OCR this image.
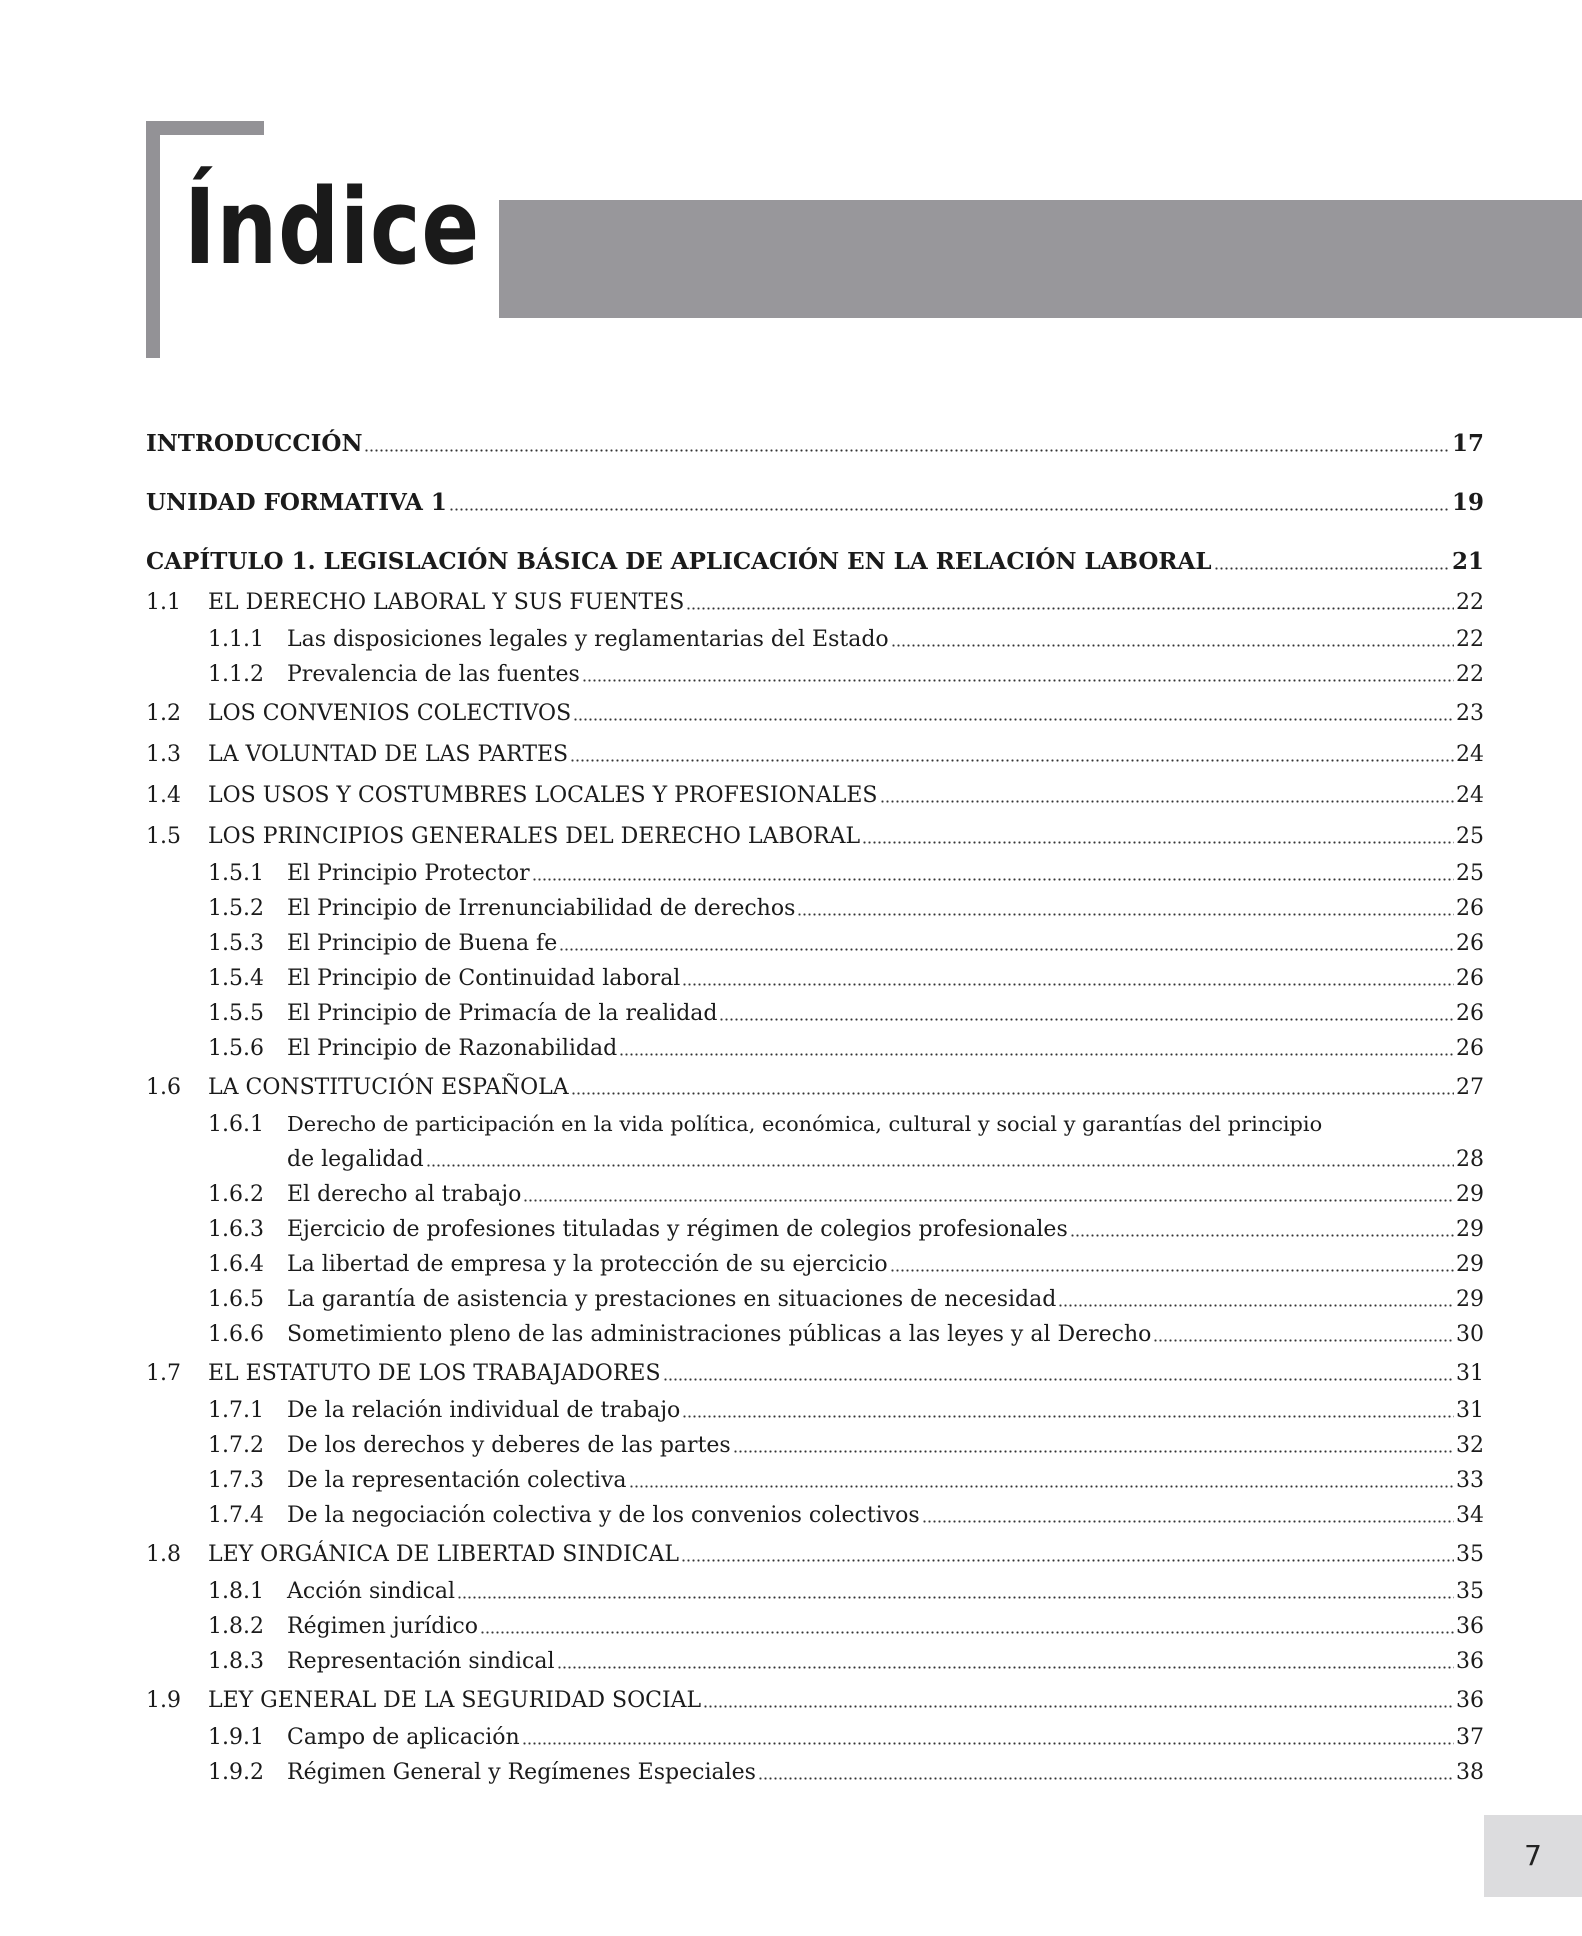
Índice
INTRODUCCIÓN	17
UNIDAD FORMATIVA 1	19
CAPÍTULO 1. LEGISLACIÓN BÁSICA DE APLICACIÓN EN LA RELACIÓN LABORAL	21
1.1	EL DERECHO LABORAL Y SUS FUENTES	22
1.1.1	Las disposiciones legales y reglamentarias del Estado	22
1.1.2	Prevalencia de las fuentes	22
1.2	LOS CONVENIOS COLECTIVOS	23
1.3	LA VOLUNTAD DE LAS PARTES	24
1.4	LOS USOS Y COSTUMBRES LOCALES Y PROFESIONALES	24
1.5	LOS PRINCIPIOS GENERALES DEL DERECHO LABORAL	25
1.5.1	El Principio Protector	25
1.5.2	El Principio de Irrenunciabilidad de derechos	26
1.5.3	El Principio de Buena fe	26
1.5.4	El Principio de Continuidad laboral	26
1.5.5	El Principio de Primacía de la realidad	26
1.5.6	El Principio de Razonabilidad	26
1.6	LA CONSTITUCIÓN ESPAÑOLA	27
1.6.1	Derecho de participación en la vida política, económica, cultural y social y garantías del principio
de legalidad	28
1.6.2	El derecho al trabajo	29
1.6.3	Ejercicio de profesiones tituladas y régimen de colegios profesionales	29
1.6.4	La libertad de empresa y la protección de su ejercicio	29
1.6.5	La garantía de asistencia y prestaciones en situaciones de necesidad	29
1.6.6	Sometimiento pleno de las administraciones públicas a las leyes y al Derecho	30
1.7	EL ESTATUTO DE LOS TRABAJADORES	31
1.7.1	De la relación individual de trabajo	31
1.7.2	De los derechos y deberes de las partes	32
1.7.3	De la representación colectiva	33
1.7.4	De la negociación colectiva y de los convenios colectivos	34
1.8	LEY ORGÁNICA DE LIBERTAD SINDICAL	35
1.8.1	Acción sindical	35
1.8.2	Régimen jurídico	36
1.8.3	Representación sindical	36
1.9	LEY GENERAL DE LA SEGURIDAD SOCIAL	36
1.9.1	Campo de aplicación	37
1.9.2	Régimen General y Regímenes Especiales	38
7
